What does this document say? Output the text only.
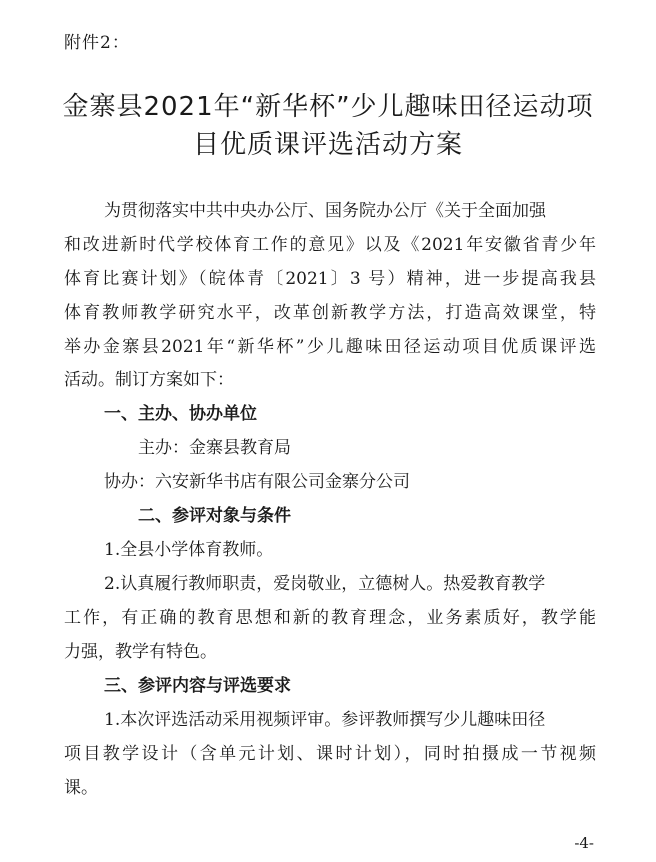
附件2：
金寨县2021年“新华杯”少儿趣味田径运动项
目优质课评选活动方案
为贯彻落实中共中央办公厅、国务院办公厅《关于全面加强
和改进新时代学校体育工作的意见》以及《2021年安徽省青少年
体育比赛计划》（皖体青〔2021〕3 号）精神，进一步提高我县
体育教师教学研究水平，改革创新教学方法，打造高效课堂，特
举办金寨县2021年“新华杯”少儿趣味田径运动项目优质课评选
活动。制订方案如下：
一、主办、协办单位
主办：金寨县教育局
协办：六安新华书店有限公司金寨分公司
二、参评对象与条件
1.全县小学体育教师。
2.认真履行教师职责，爱岗敬业，立德树人。热爱教育教学
工作，有正确的教育思想和新的教育理念，业务素质好，教学能
力强，教学有特色。
三、参评内容与评选要求
1.本次评选活动采用视频评审。参评教师撰写少儿趣味田径
项目教学设计（含单元计划、课时计划），同时拍摄成一节视频
课。
-4-
